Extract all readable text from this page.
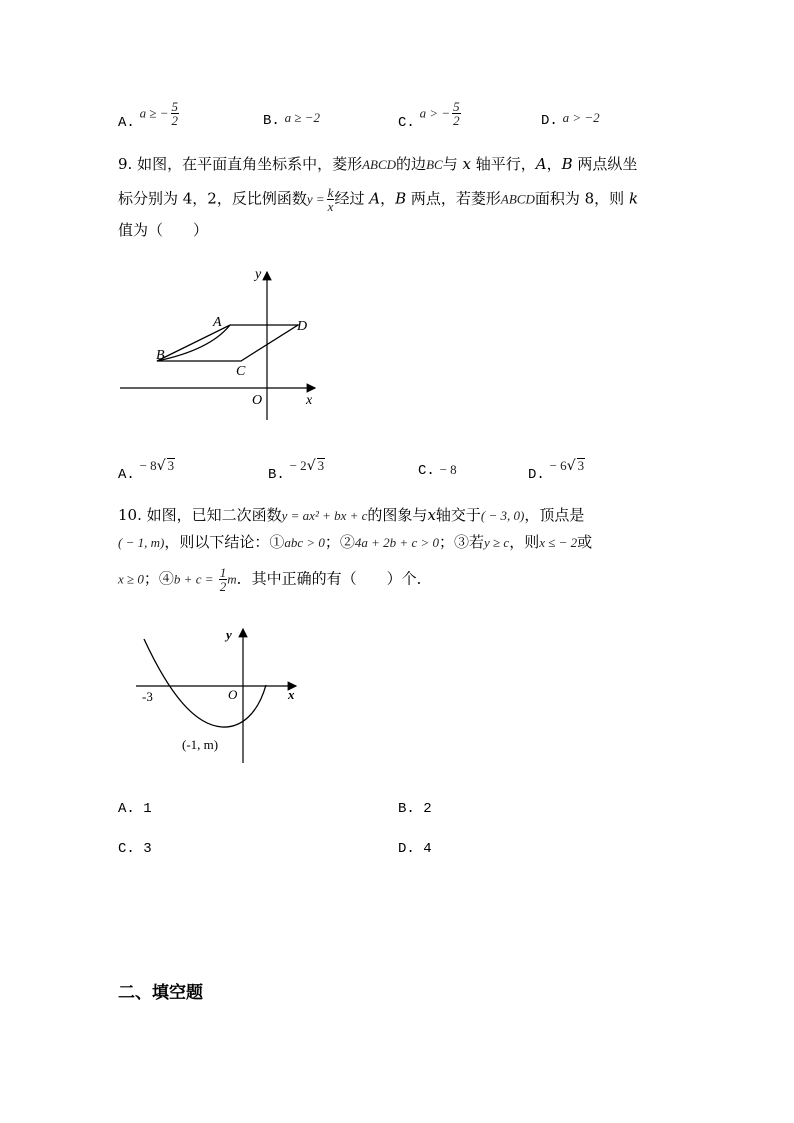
A. a ≥ − $\frac{5}{2}$	B. a ≥ −2	C. a > − $\frac{5}{2}$	D. a > −2
9. 如图，在平面直角坐标系中，菱形ABCD的边BC与 x 轴平行，A，B 两点纵坐
标分别为 4，2，反比例函数$y = \frac{k}{x}$ 经过 A，B 两点，若菱形ABCD面积为 8，则 k
值为（　　）
A
B
C
D
O	x
y
A. − 8√ 3
B. − 2√ 3	C. − 8	D. − 6√ 3
10. 如图，已知二次函数y = ax² + bx + c的图象与x轴交于( − 3, 0)，顶点是
( − 1, m)，则以下结论：①abc > 0；②4a + 2b + c > 0；③若y ≥ c，则x ≤ − 2或
x ≥ 0；④b + $c = \frac{1}{2}$ m．其中正确的有（　　）个．
-3	O	x
y
(-1, m)
A. 1	B. 2
C. 3	D. 4
二、填空题
